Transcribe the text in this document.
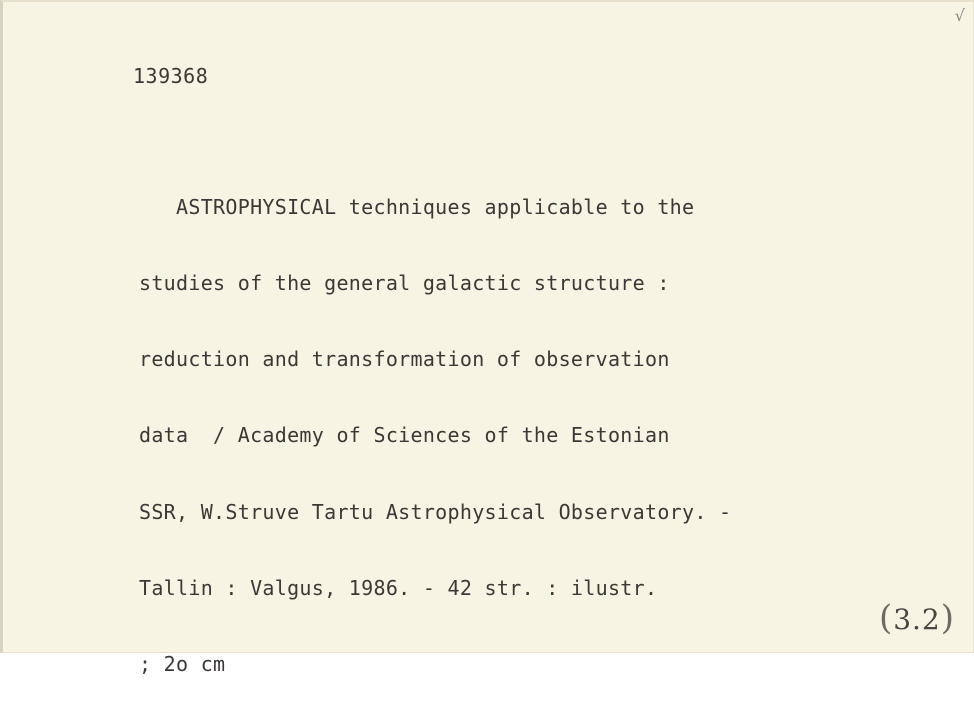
√
139368

ASTROPHYSICAL techniques applicable to the

studies of the general galactic structure :

reduction and transformation of observation

data  / Academy of Sciences of the Estonian

SSR, W.Struve Tartu Astrophysical Observatory. -

Tallin : Valgus, 1986. - 42 str. : ilustr.

; 2o cm

(3.2)
